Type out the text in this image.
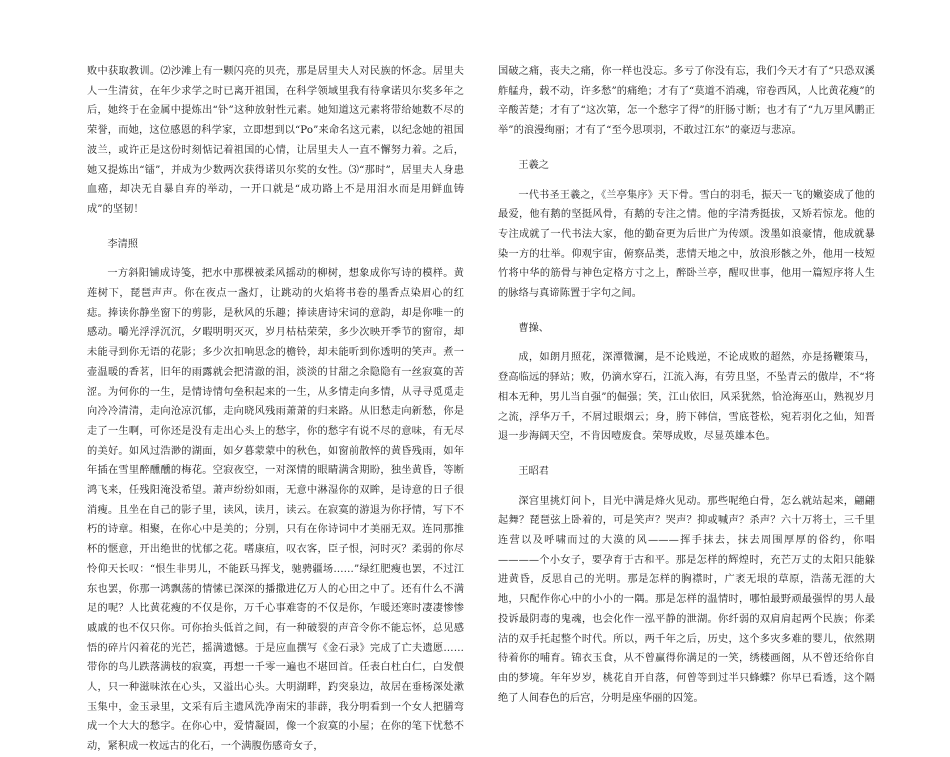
败中获取教训。⑵沙滩上有一颗闪亮的贝壳，那是居里夫人对民族的怀念。居里夫人一生清贫，在年少求学之时已离开祖国，在科学领域里我有待拿诺贝尔奖多年之后，她终于在金属中提炼出“钋”这种放射性元素。她知道这元素将带给她数不尽的荣誉，而她，这位感恩的科学家，立即想到以“Po”来命名这元素，以纪念她的祖国波兰，或许正是这份时刻惦记着祖国的心情，让居里夫人一直不懈努力着。之后，她又提炼出“镭”，并成为少数两次获得诺贝尔奖的女性。⑶“那时”，居里夫人身患血癌，却决无自暴自弃的举动，一开口就是“成功路上不是用泪水而是用鲜血铸成”的坚韧！

李清照

一方斜阳铺成诗笺，把水中那棵被柔风摇动的柳树，想象成你写诗的模样。黄莲树下，琵琶声声。你在夜点一盏灯，让跳动的火焰将书卷的墨香点染眉心的红痣。捧读你静坐窗下的剪影，是秋风的乐趣；捧读唐诗宋词的意韵，却是你唯一的感动。嚼光浮浮沉沉，夕暇明明灭灭，岁月枯枯荣荣，多少次映开季节的窗帘，却未能寻到你无语的花影；多少次扣响思念的檐铃，却未能听到你透明的笑声。煮一壶温暖的香茗，旧年的雨露就会把清澈的泪，淡淡的甘甜之余隐隐有一丝寂寞的苦涩。为何你的一生，是情诗情句垒积起来的一生，从多情走向多情，从寻寻觅觅走向冷冷清清，走向沧凉沉郁，走向晓风残雨萧萧的归来路。从旧愁走向新愁，你是走了一生啊，可你还是没有走出心头上的愁字，你的愁字有说不尽的意味，有无尽的美好。如风过浩渺的湖面，如夕暮蒙蒙中的秋色，如窗前散悴的黄昏残雨，如年年插在雪里醉醺醺的梅花。空寂夜空，一对深情的眼睛满含期盼，独坐黄昏，等断鸿飞来，任残阳淹没希望。萧声纷纷如雨，无意中淋湿你的双眸，是诗意的日子很消瘦。且坐在自己的影子里，读风，读月，读云。在寂寞的游退为你抒情，写下不朽的诗章。相聚，在你心中是美的；分别，只有在你诗词中才美丽无双。连同那推杯的惬意，开出绝世的忧郁之花。嗜康疽，叹衣客，臣子恨，河时灭？柔弱的你尽怜仰天长叹：“恨生非男儿，不能跃马挥戈，驰骋疆场……”绿红肥瘦也罢，不过江东也罢，你那一鸿飘荡的情愫已深深的播撒进亿万人的心田之中了。还有什么不满足的呢？人比黄花瘦的不仅是你，万千心事难寄的不仅是你，乍暖还寒时凄凄惨惨戚戚的也不仅只你。可你抬头低首之间，有一种破裂的声音令你不能忘怀，总见感悟的碎片闪着花的光芒，摇满遗憾。于是应血撰写《金石录》完成了亡夫遗愿……带你的鸟儿跌落满枝的寂寞，再想一千零一遍也不堪回首。任表白杜白仁，白发偎人，只一种滋味浓在心头，又溢出心头。大明湖畔，趵突泉边，故居在垂杨深处漱玉集中，金玉录里，文采有后主遗风洗净南宋的菲薜，我分明看到一个女人把膳弯成一个大大的愁字。在你心中，爱情凝固，像一个寂寞的小屋；在你的笔下忧愁不动，紧积成一枚远古的化石，一个满腹伤感奇女子，

国破之痛，丧夫之痛，你一样也没忘。多亏了你没有忘，我们今天才有了“只恐双溪舴艋舟，载不动，许多愁”的痛绝；才有了“莫道不消魂，帘卷西风，人比黄花瘦”的辛酸苦楚；才有了“这次第，怎一个愁字了得”的肝肠寸断；也才有了“九万里风鹏正举”的浪漫绚丽；才有了“至今思项羽，不敢过江东”的豪迈与悲凉。

王羲之

一代书圣王羲之，《兰亭集序》天下骨。雪白的羽毛，振天一飞的嫩姿成了他的最爱，他有鹅的坚挺风骨，有鹅的专注之情。他的字清秀挺拔，又矫若惊龙。他的专注成就了一代书法大家，他的勤奋更为后世广为传颂。泼墨如浪豪情，他成就暴染一方的壮举。仰观宇宙，俯察品类，悲情天地之中，放浪形骸之外，他用一枝短竹将中华的筋骨与神色定格方寸之上，醉卧兰亭，醒叹世事，他用一篇短序将人生的脉络与真谛陈置于字句之间。

曹操、

成，如朗月照花，深潭微澜，是不论贱逆，不论成败的超然，亦是扬鞭策马，登高临远的驿站；败，仍滴水穿石，江流入海，有劳且坚，不坠青云的傲岸，不“将相本无种，男儿当自强”的倔强；笑，江山依旧，风采犹然，恰沧海巫山，熟视岁月之流，浮华万千，不屑过眼烟云；身，胯下韩信，雪底苍松，宛若羽化之仙，知晋退一步海阔天空，不肯因噎废食。荣辱成败，尽显英雄本色。

王昭君

深宫里挑灯问卜，目光中满是烽火见动。那些呢绝白骨，怎么就站起来，翩翩起舞？琵琶弦上卧着的，可是笑声？哭声？抑或喊声？杀声？六十万将士，三千里连营以及呼啸而过的大漠的风———挥手抹去，抹去周围厚厚的俗约，你唱————个小女子，要孕育于古和平。那是怎样的辉煌时，充芒万丈的太阳只能躲进黄昏，反思自己的光明。那是怎样的胸襟时，广袤无垠的草原，浩荡无涯的大地，只配作你心中的小小的一隅。那是怎样的温情时，哪怕最野顽最强悍的男人最投诉最阴毒的鬼魂，也会化作一泓平静的泄湖。你纤弱的双肩肩起两个民族；你柔洁的双手托起整个时代。所以，两千年之后，历史，这个多灾多难的婴儿，依然期待着你的哺育。锦衣玉食，从不曾赢得你满足的一笑，绣楼画阁，从不曾还给你自由的梦境。年年岁岁，桃花自开自落，何曾等到过半只蜂蝶？你早已看透，这个隔绝了人间春色的后宫，分明是座华丽的囚笼。
